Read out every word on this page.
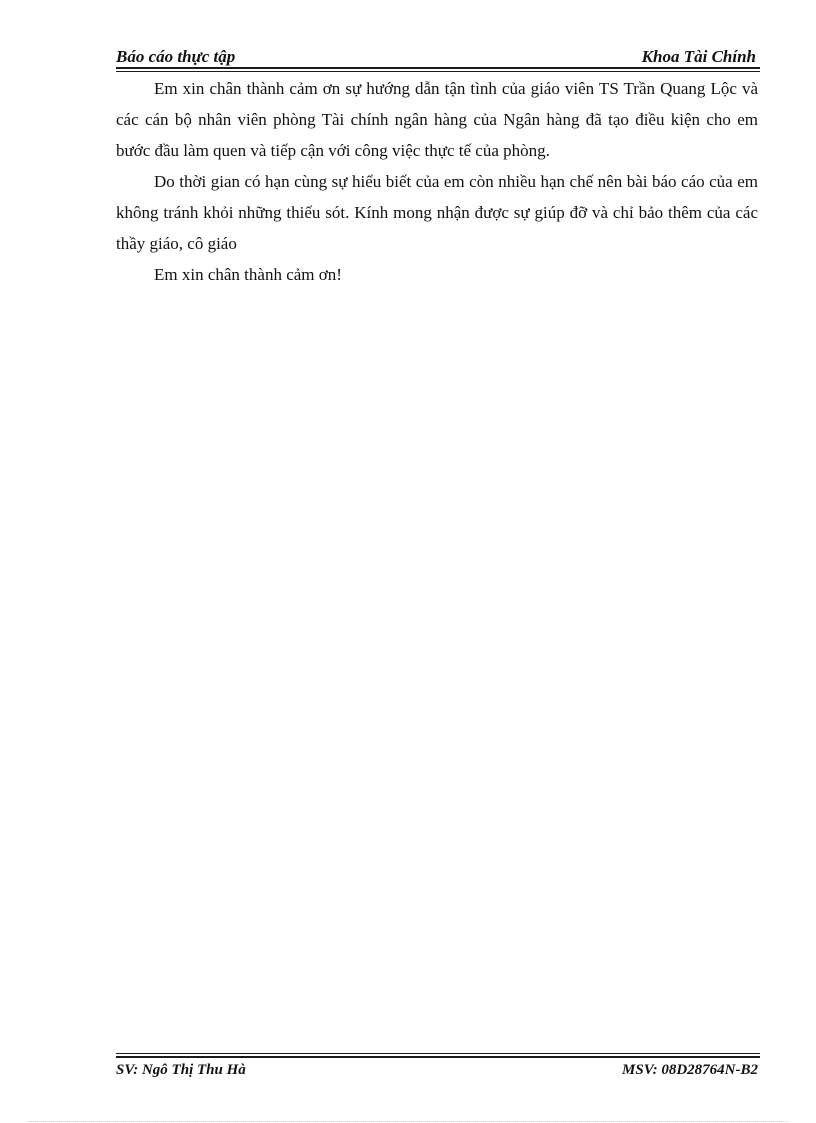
Báo cáo thực tập	Khoa Tài Chính

Em xin chân thành cảm ơn sự hướng dẫn tận tình của giáo viên TS Trần Quang Lộc và các cán bộ nhân viên phòng Tài chính ngân hàng của Ngân hàng đã tạo điều kiện cho em bước đầu làm quen và tiếp cận với công việc thực tế của phòng.

Do thời gian có hạn cùng sự hiểu biết của em còn nhiều hạn chế nên bài báo cáo của em không tránh khỏi những thiếu sót. Kính mong nhận được sự giúp đỡ và chỉ bảo thêm của các thầy giáo, cô giáo

Em xin chân thành cảm ơn!

SV: Ngô Thị Thu Hà	MSV: 08D28764N-B2
